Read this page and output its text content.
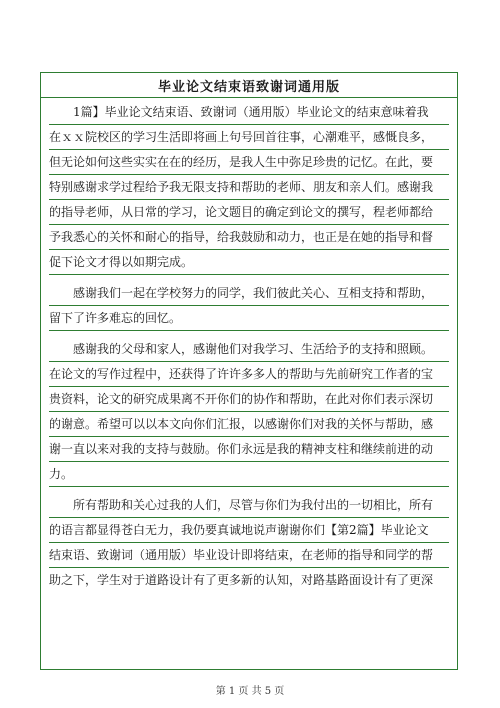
毕业论文结束语致谢词通用版

1篇】毕业论文结束语、致谢词（通用版）毕业论文的结束意味着我

在ｘｘ院校区的学习生活即将画上句号回首往事，心潮难平，感慨良多，

但无论如何这些实实在在的经历，是我人生中弥足珍贵的记忆。在此，要

特别感谢求学过程给予我无限支持和帮助的老师、朋友和亲人们。感谢我

的指导老师，从日常的学习，论文题目的确定到论文的撰写，程老师都给

予我悉心的关怀和耐心的指导，给我鼓励和动力，也正是在她的指导和督

促下论文才得以如期完成。

感谢我们一起在学校努力的同学，我们彼此关心、互相支持和帮助，

留下了许多难忘的回忆。

感谢我的父母和家人，感谢他们对我学习、生活给予的支持和照顾。

在论文的写作过程中，还获得了许许多多人的帮助与先前研究工作者的宝

贵资料，论文的研究成果离不开你们的协作和帮助，在此对你们表示深切

的谢意。希望可以以本文向你们汇报，以感谢你们对我的关怀与帮助，感

谢一直以来对我的支持与鼓励。你们永远是我的精神支柱和继续前进的动

力。

所有帮助和关心过我的人们，尽管与你们为我付出的一切相比，所有

的语言都显得苍白无力，我仍要真诚地说声谢谢你们【第2篇】毕业论文

结束语、致谢词（通用版）毕业设计即将结束，在老师的指导和同学的帮

助之下，学生对于道路设计有了更多新的认知，对路基路面设计有了更深

第 1 页 共 5 页
